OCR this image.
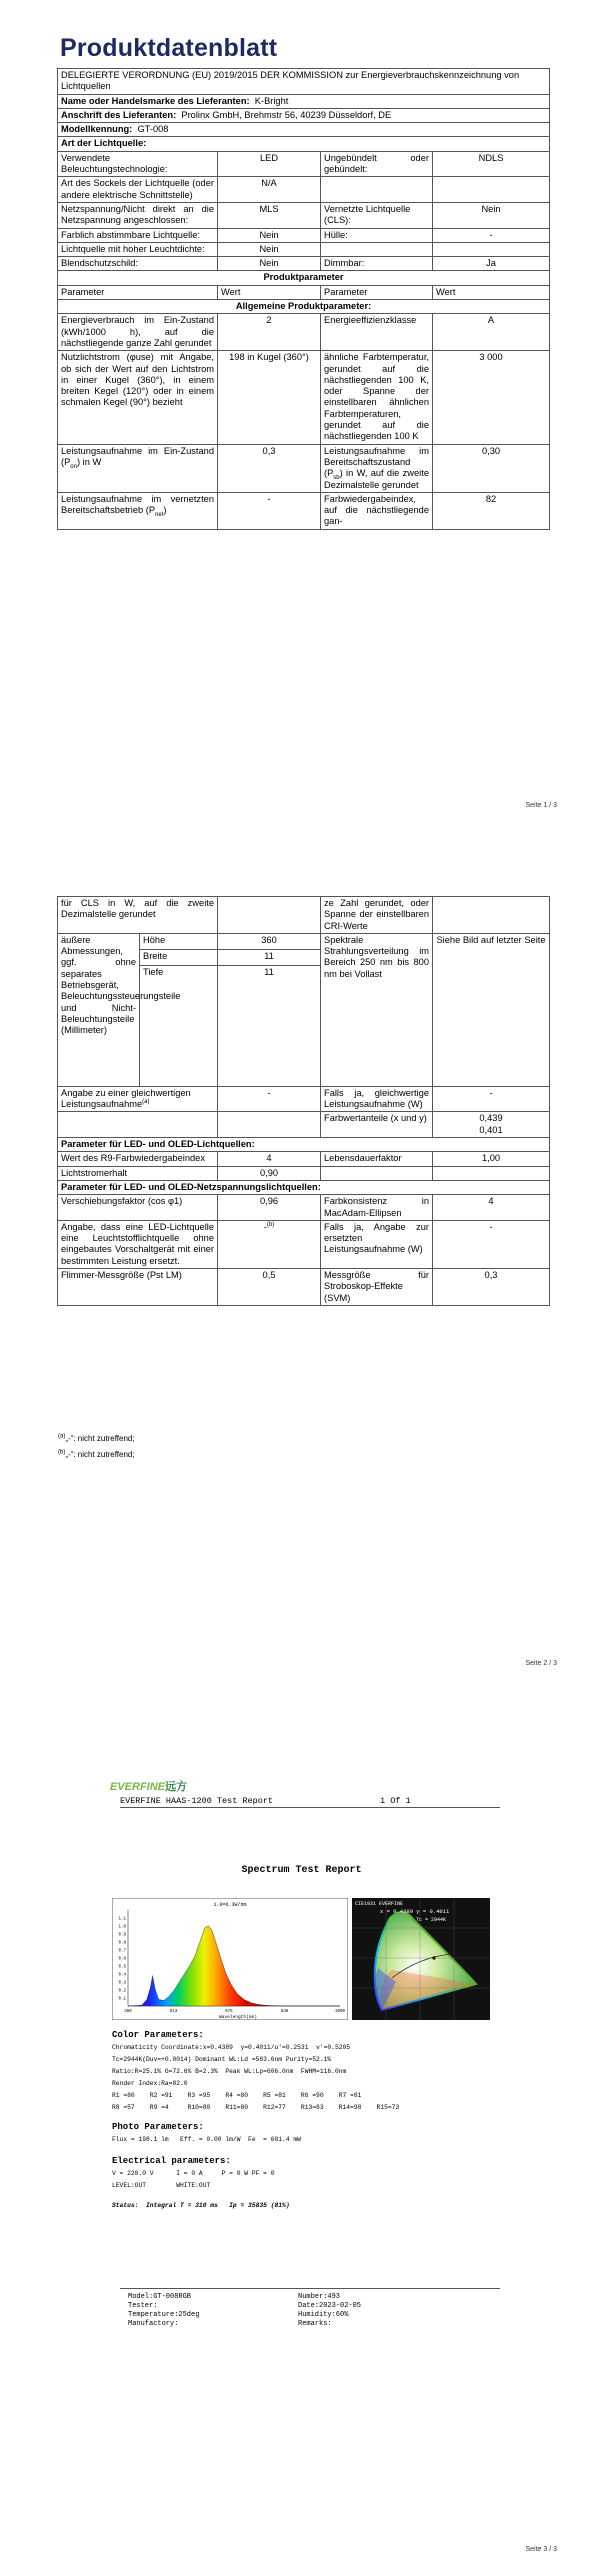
Produktdatenblatt
DELEGIERTE VERORDNUNG (EU) 2019/2015 DER KOMMISSION zur Energieverbrauchskennzeichnung von Lichtquellen			
Name oder Handelsmarke des Lieferanten: K-Bright			
Anschrift des Lieferanten: Prolinx GmbH, Brehmstr 56, 40239 Düsseldorf, DE			
Modellkennung: GT-008			
Art der Lichtquelle:			
Verwendete Beleuchtungstechnologie:	LED	Ungebündelt oder gebündelt:	NDLS
Art des Sockels der Lichtquelle (oder andere elektrische Schnittstelle)	N/A		
Netzspannung/Nicht direkt an die Netzspannung angeschlossen:	MLS	Vernetzte Lichtquelle (CLS):	Nein
Farblich abstimmbare Lichtquelle:	Nein	Hülle:	-
Lichtquelle mit hoher Leuchtdichte:	Nein		
Blendschutzschild:	Nein	Dimmbar:	Ja
Produktparameter			
Parameter	Wert	Parameter	Wert
Allgemeine Produktparameter:			
Energieverbrauch im Ein-Zustand (kWh/1000 h), auf die nächstliegende ganze Zahl gerundet	2	Energieeffizienzklasse	A
Nutzlichtstrom (φuse) mit Angabe, ob sich der Wert auf den Lichtstrom in einer Kugel (360°), in einem breiten Kegel (120°) oder in einem schmalen Kegel (90°) bezieht	198 in Kugel (360°)	ähnliche Farbtemperatur, gerundet auf die nächstliegenden 100 K, oder Spanne der einstellbaren ähnlichen Farbtemperaturen, gerundet auf die nächstliegenden 100 K	3 000
Leistungsaufnahme im Ein-Zustand $(P_{on})$ in W	0,3	Leistungsaufnahme im Bereitschaftszustand $(P_{sb})$ in W, auf die zweite Dezimalstelle gerundet	0,30
Leistungsaufnahme im vernetzten Bereitschaftsbetrieb $(P_{net})$	-	Farbwiedergabeindex, auf die nächstliegende gan-	82
Seite 1 / 3
für CLS in W, auf die zweite Dezimalstelle gerundet			ze Zahl gerundet, oder Spanne der einstellbaren CRI-Werte	
äußere Abmessungen, ggf. ohne separates Betriebsgerät, Beleuchtungssteuerungsteile und Nicht-Beleuchtungsteile (Millimeter)	Höhe	360	Spektrale Strahlungsverteilung im Bereich 250 nm bis 800 nm bei Vollast	Siehe Bild auf letzter Seite
	Breite	11		
	Tiefe	11		
Angabe zu einer gleichwertigen Leistungsaufnahme$^{(a)}$		-	Falls ja, gleichwertige Leistungsaufnahme (W)	-
			Farbwertanteile (x und y)	0,439
0,401

Parameter für LED- und OLED-Lichtquellen:				
Wert des R9-Farbwiedergabeindex		4	Lebensdauerfaktor	1,00
Lichtstromerhalt		0,90		
Parameter für LED- und OLED-Netzspannungslichtquellen:				
Verschiebungsfaktor (cos φ1)		0,96	Farbkonsistenz in MacAdam-Ellipsen	4
Angabe, dass eine LED-Lichtquelle eine Leuchtstofflichtquelle ohne eingebautes Vorschaltgerät mit einer bestimmten Leistung ersetzt.		-$^{(b)}$	Falls ja, Angabe zur ersetzten Leistungsaufnahme (W)	-
Flimmer-Messgröße (Pst LM)		0,5	Messgröße für Stroboskop-Effekte (SVM)	0,3
$^{(a)}$„-“: nicht zutreffend;
$^{(b)}$„-“: nicht zutreffend;
Seite 2 / 3
EVERFINE远方
EVERFINE HAAS-1200 Test Report	1 Of 1
Spectrum Test Report
1.0=6.3W/nm
0.1
0.2
0.3
0.4
0.5
0.6
0.7
0.8
0.9
1.0
1.1
380	513	675	838	1000
Wavelength(nm)
CIE1931 EVERFINE
x = 0.4389 y = 0.4011
Tc = 2944K
Color Parameters:
Chromaticity Coordinate:x=0.4389  y=0.4011/u'=0.2531  v'=0.5205
Tc=2944K(Duv=+0.0014) Dominant WL:Ld =583.6nm Purity=52.1%
Ratio:R=25.1% G=72.6% B=2.3%  Peak WL:Lp=606.0nm  FWHM=116.0nm
Render Index:Ra=82.0
R1 =80    R2 =91    R3 =95    R4 =80    R5 =81    R6 =90    R7 =81
R8 =57    R9 =4     R10=80    R11=80    R12=77    R13=83    R14=98    R15=73
Photo Parameters:
Flux = 198.1 lm   Eff. = 0.00 lm/W  Fe  = 601.4 mW
Electrical parameters:
V = 220.0 V      I = 0 A     P = 0 W PF = 0
LEVEL:OUT        WHITE:OUT
Status:  Integral T = 310 ms   Ip = 35835 (81%)
Model:GT-008RGB	Number:493
Tester:	Date:2023-02-05
Temperature:25deg	Humidity:60%
Manufactory:	Remarks:
Seite 3 / 3
